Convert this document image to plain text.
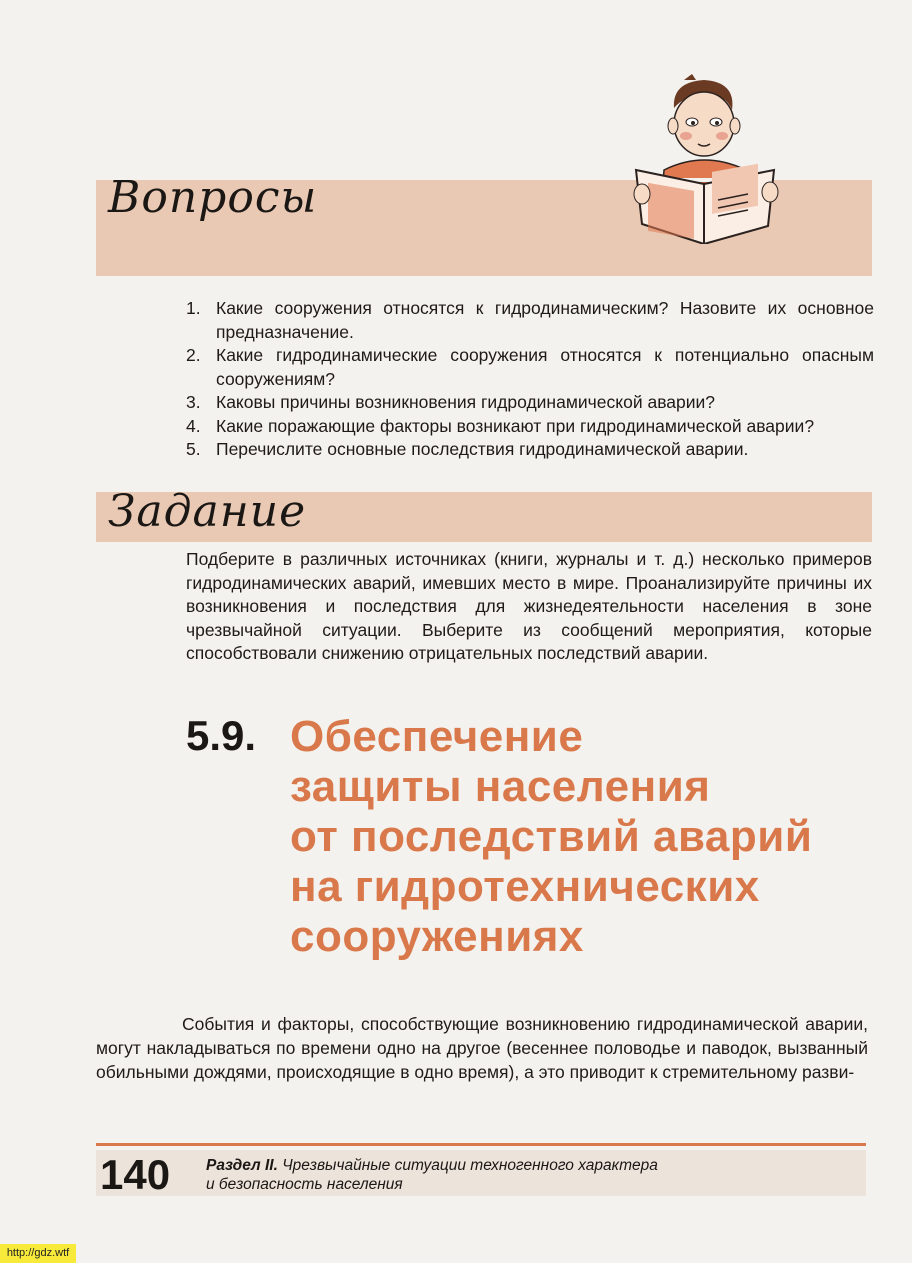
Вопросы
1. Какие сооружения относятся к гидродинамическим? Назовите их основное предназначение.
2. Какие гидродинамические сооружения относятся к потенциально опасным сооружениям?
3. Каковы причины возникновения гидродинамической аварии?
4. Какие поражающие факторы возникают при гидродинамической аварии?
5. Перечислите основные последствия гидродинамической аварии.
Задание

Подберите в различных источниках (книги, журналы и т. д.) несколько примеров гидродинамических аварий, имевших место в мире. Проанализируйте причины их возникновения и последствия для жизнедеятельности населения в зоне чрезвычайной ситуации. Выберите из сообщений мероприятия, которые способствовали снижению отрицательных последствий аварии.

5.9. Обеспечение
защиты населения
от последствий аварий
на гидротехнических
сооружениях

События и факторы, способствующие возникновению гидродинамической аварии, могут накладываться по времени одно на другое (весеннее половодье и паводок, вызванный обильными дождями, происходящие в одно время), а это приводит к стремительному разви-

140 Раздел II. Чрезвычайные ситуации техногенного характера
и безопасность населения
http://gdz.wtf
